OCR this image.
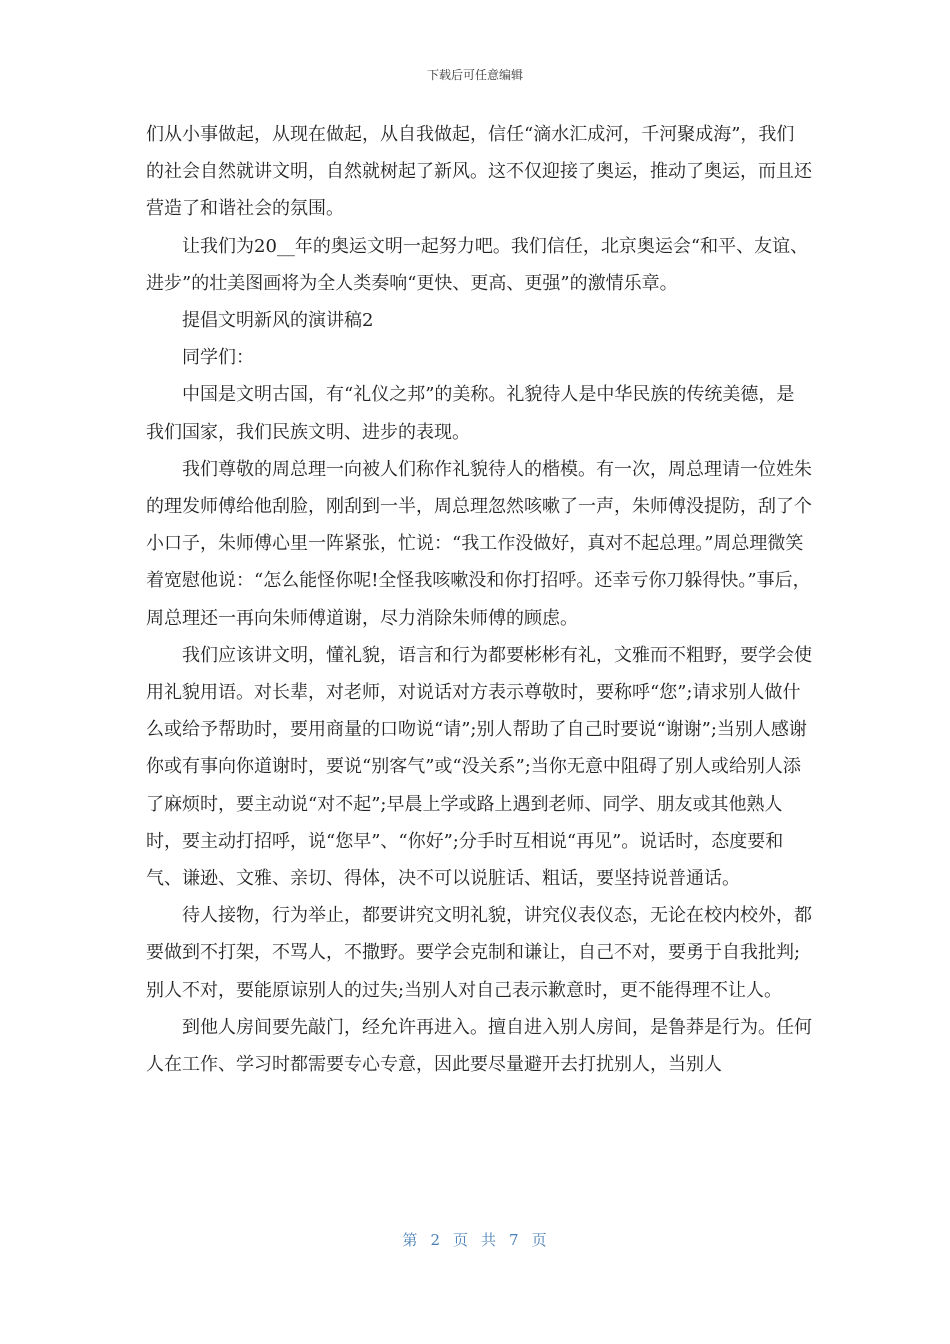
下载后可任意编辑

们从小事做起，从现在做起，从自我做起，信任“滴水汇成河，千河聚成海”，我们的社会自然就讲文明，自然就树起了新风。这不仅迎接了奥运，推动了奥运，而且还营造了和谐社会的氛围。

让我们为20__年的奥运文明一起努力吧。我们信任，北京奥运会“和平、友谊、进步”的壮美图画将为全人类奏响“更快、更高、更强”的激情乐章。

提倡文明新风的演讲稿2

同学们：

中国是文明古国，有“礼仪之邦”的美称。礼貌待人是中华民族的传统美德，是我们国家，我们民族文明、进步的表现。

我们尊敬的周总理一向被人们称作礼貌待人的楷模。有一次，周总理请一位姓朱的理发师傅给他刮脸，刚刮到一半，周总理忽然咳嗽了一声，朱师傅没提防，刮了个小口子，朱师傅心里一阵紧张，忙说：“我工作没做好，真对不起总理。”周总理微笑着宽慰他说：“怎么能怪你呢!全怪我咳嗽没和你打招呼。还幸亏你刀躲得快。”事后，周总理还一再向朱师傅道谢，尽力消除朱师傅的顾虑。

我们应该讲文明，懂礼貌，语言和行为都要彬彬有礼，文雅而不粗野，要学会使用礼貌用语。对长辈，对老师，对说话对方表示尊敬时，要称呼“您”;请求别人做什么或给予帮助时，要用商量的口吻说“请”;别人帮助了自己时要说“谢谢”;当别人感谢你或有事向你道谢时，要说“别客气”或“没关系”;当你无意中阻碍了别人或给别人添了麻烦时，要主动说“对不起”;早晨上学或路上遇到老师、同学、朋友或其他熟人时，要主动打招呼，说“您早”、“你好”;分手时互相说“再见”。说话时，态度要和气、谦逊、文雅、亲切、得体，决不可以说脏话、粗话，要坚持说普通话。

待人接物，行为举止，都要讲究文明礼貌，讲究仪表仪态，无论在校内校外，都要做到不打架，不骂人，不撒野。要学会克制和谦让，自己不对，要勇于自我批判;别人不对，要能原谅别人的过失;当别人对自己表示歉意时，更不能得理不让人。

到他人房间要先敲门，经允许再进入。擅自进入别人房间，是鲁莽是行为。任何人在工作、学习时都需要专心专意，因此要尽量避开去打扰别人，当别人

第 2 页 共 7 页
